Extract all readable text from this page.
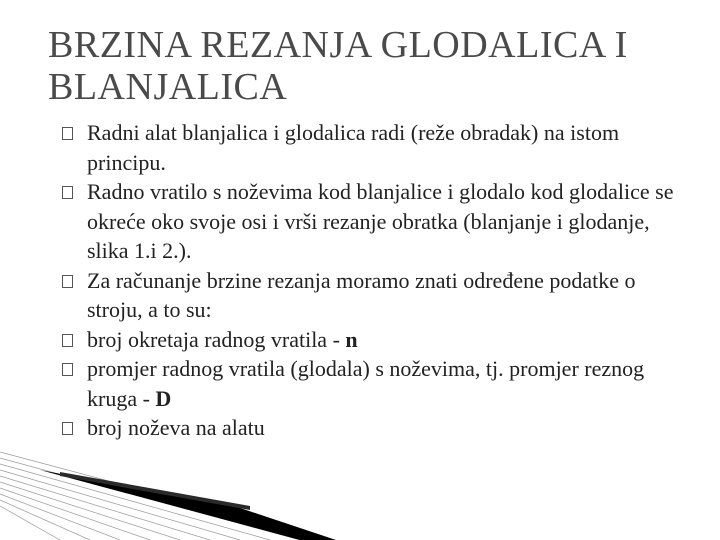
BRZINA REZANJA GLODALICA I BLANJALICA
Radni alat blanjalica i glodalica radi (reže obradak) na istom principu.
Radno vratilo s noževima kod blanjalice i glodalo kod glodalice se okreće oko svoje osi i vrši rezanje obratka (blanjanje i glodanje, slika 1.i 2.).
Za računanje brzine rezanja moramo znati određene podatke o stroju, a to su:
broj okretaja radnog vratila - n
promjer radnog vratila (glodala) s noževima, tj. promjer reznog kruga - D
broj noževa na alatu
